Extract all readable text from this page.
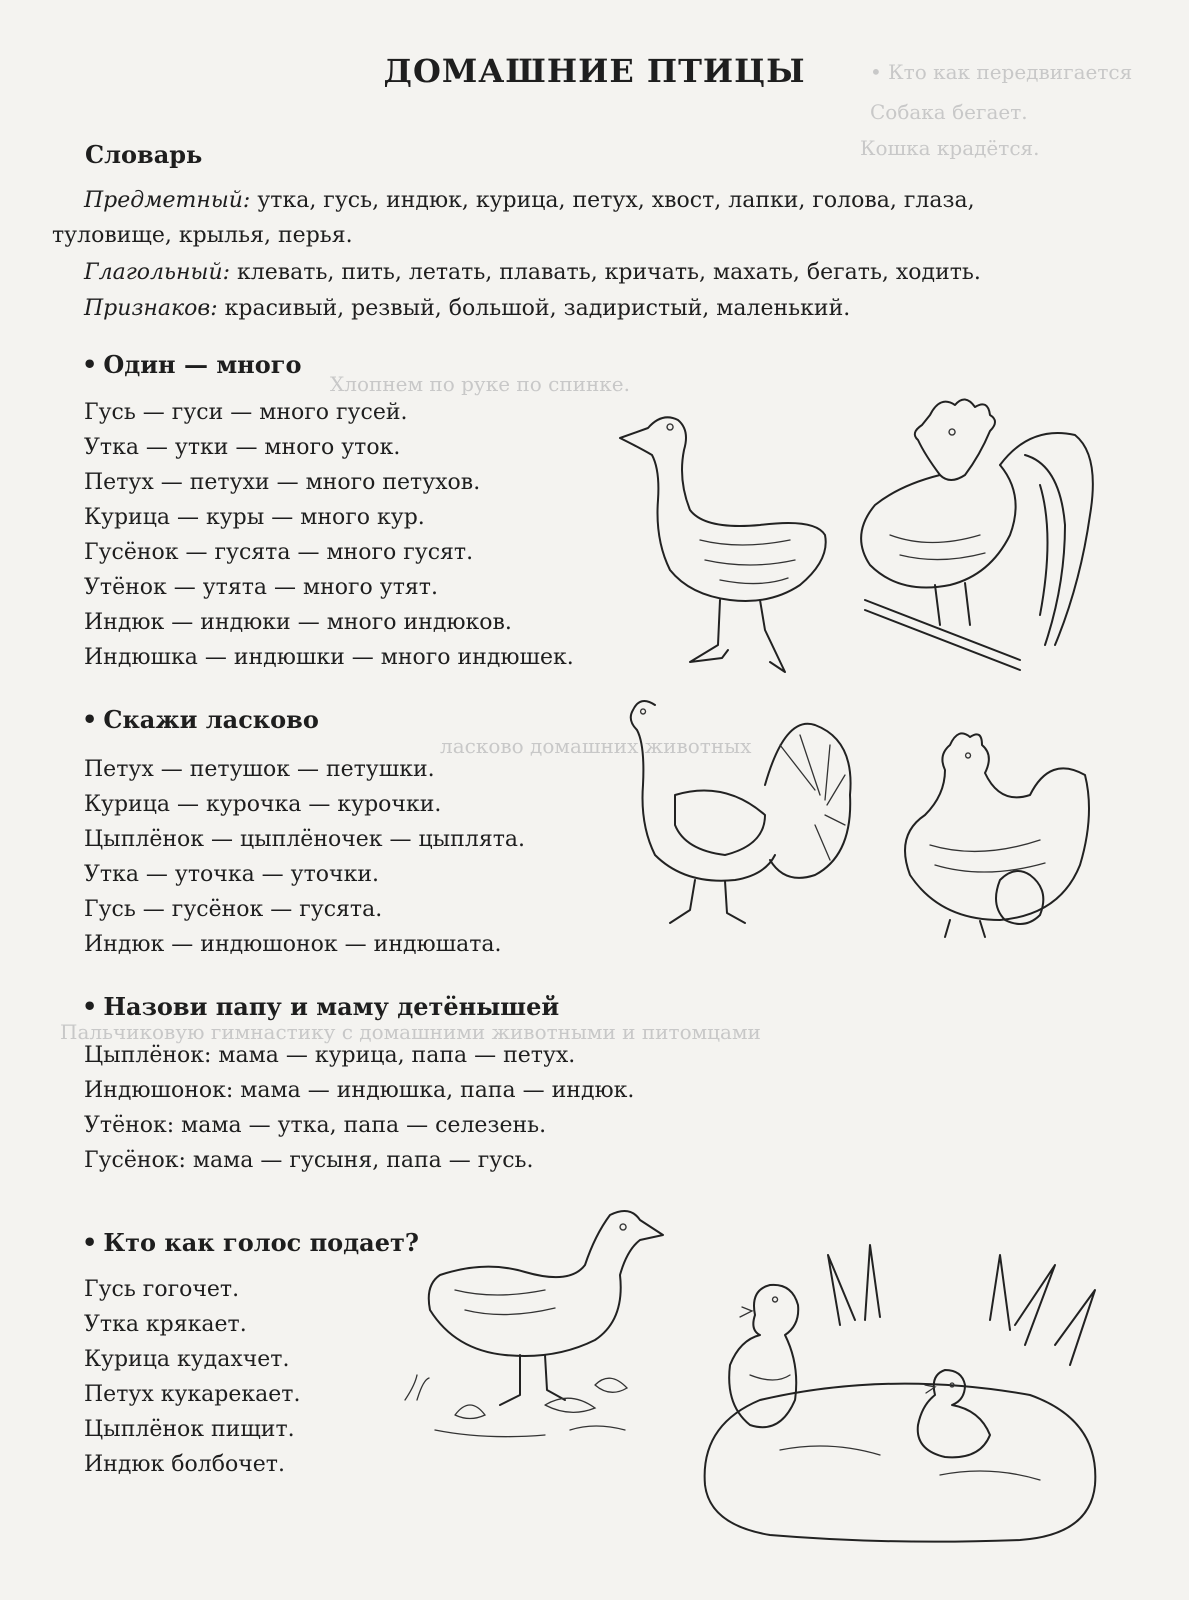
• Кто как передвигается
Собака бегает.
Кошка крадётся.
Хлопнем по руке по спинке.
ласково домашних животных
Пальчиковую гимнастику с домашними животными и питомцами
ДОМАШНИЕ ПТИЦЫ
Словарь
Предметный: утка, гусь, индюк, курица, петух, хвост, лапки, голова, глаза,
туловище, крылья, перья.
Глагольный: клевать, пить, летать, плавать, кричать, махать, бегать, ходить.
Признаков: красивый, резвый, большой, задиристый, маленький.
• Один — много
Гусь — гуси — много гусей.
Утка — утки — много уток.
Петух — петухи — много петухов.
Курица — куры — много кур.
Гусёнок — гусята — много гусят.
Утёнок — утята — много утят.
Индюк — индюки — много индюков.
Индюшка — индюшки — много индюшек.
• Скажи ласково
Петух — петушок — петушки.
Курица — курочка — курочки.
Цыплёнок — цыплёночек — цыплята.
Утка — уточка — уточки.
Гусь — гусёнок — гусята.
Индюк — индюшонок — индюшата.
• Назови папу и маму детёнышей
Цыплёнок: мама — курица, папа — петух.
Индюшонок: мама — индюшка, папа — индюк.
Утёнок: мама — утка, папа — селезень.
Гусёнок: мама — гусыня, папа — гусь.
• Кто как голос подает?
Гусь гогочет.
Утка крякает.
Курица кудахчет.
Петух кукарекает.
Цыплёнок пищит.
Индюк болбочет.
